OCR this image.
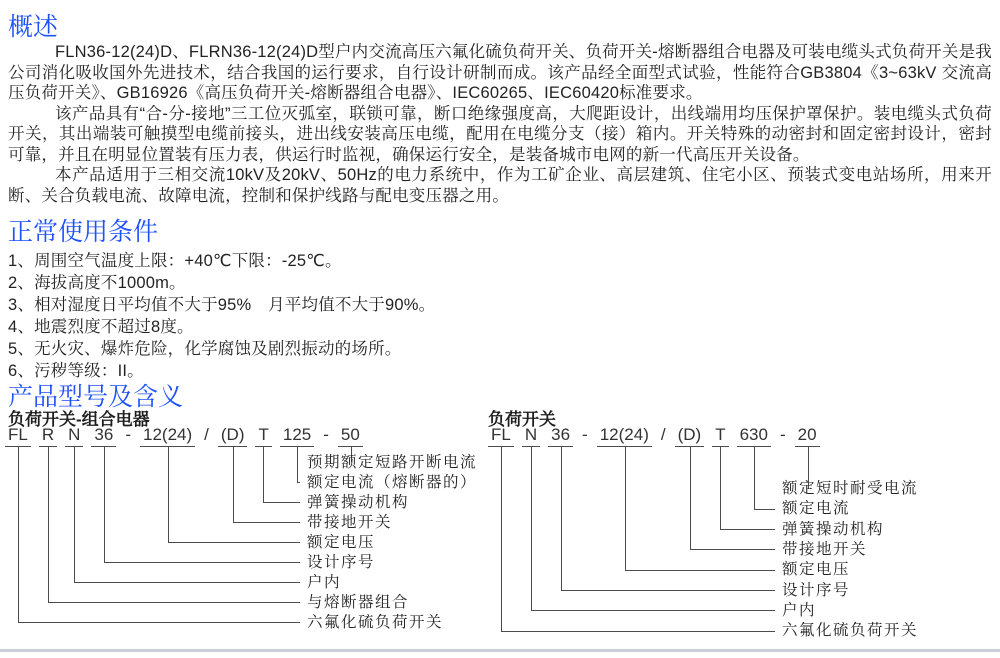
概述

FLN36-12(24)D、FLRN36-12(24)D型户内交流高压六氟化硫负荷开关、负荷开关-熔断器组合电器及可装电缆头式负荷开关是我公司消化吸收国外先进技术，结合我国的运行要求，自行设计研制而成。该产品经全面型式试验，性能符合GB3804《3~63kV 交流高压负荷开关》、GB16926《高压负荷开关-熔断器组合电器》、IEC60265、IEC60420标准要求。

该产品具有“合-分-接地”三工位灭弧室，联锁可靠，断口绝缘强度高，大爬距设计，出线端用均压保护罩保护。装电缆头式负荷开关，其出端装可触摸型电缆前接头，进出线安装高压电缆，配用在电缆分支（接）箱内。开关特殊的动密封和固定密封设计，密封可靠，并且在明显位置装有压力表，供运行时监视，确保运行安全，是装备城市电网的新一代高压开关设备。

本产品适用于三相交流10kV及20kV、50Hz的电力系统中，作为工矿企业、高层建筑、住宅小区、预装式变电站场所，用来开断、关合负载电流、故障电流，控制和保护线路与配电变压器之用。

正常使用条件
1、周围空气温度上限：+40℃下限：-25℃。
2、海拔高度不1000m。
3、相对湿度日平均值不大于95%　月平均值不大于90%。
4、地震烈度不超过8度。
5、无火灾、爆炸危险，化学腐蚀及剧烈振动的场所。
6、污秽等级：II。
产品型号及含义
负荷开关-组合电器	负荷开关
FL R N 36 - 12(24) / (D) T 125 - 50
六氟化硫负荷开关
与熔断器组合
户内
设计序号
额定电压
带接地开关
弹簧操动机构
额定电流（熔断器的）
预期额定短路开断电流
FL N 36 - 12(24) / (D) T 630 - 20
六氟化硫负荷开关
户内
设计序号
额定电压
带接地开关
弹簧操动机构
额定电流
额定短时耐受电流
